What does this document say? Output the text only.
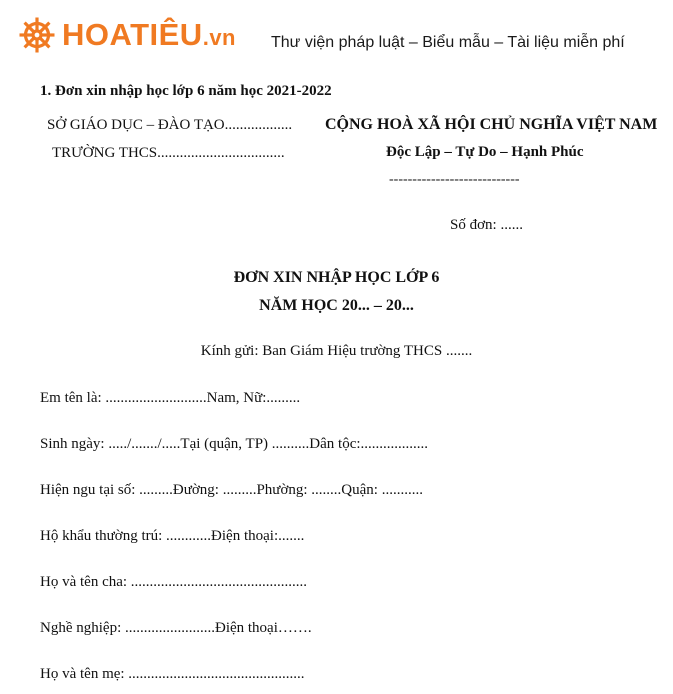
HOATIÊU.vn Thư viện pháp luật – Biểu mẫu – Tài liệu miễn phí
1. Đơn xin nhập học lớp 6 năm học 2021-2022
SỞ GIÁO DỤC – ĐÀO TẠO..................
TRƯỜNG THCS..................................
CỘNG HOÀ XÃ HỘI CHỦ NGHĨA VIỆT NAM
Độc Lập – Tự Do – Hạnh Phúc
----------------------------
Số đơn: ......
ĐƠN XIN NHẬP HỌC LỚP 6
NĂM HỌC 20... – 20...
Kính gửi: Ban Giám Hiệu trường THCS .......
Em tên là: ...........................Nam, Nữ:.........
Sinh ngày: ...../......./.....Tại (quận, TP) ..........Dân tộc:..................
Hiện ngu tại số: .........Đường: .........Phường: ........Quận: ...........
Hộ khẩu thường trú: ............Điện thoại:.......
Họ và tên cha: ...............................................
Nghề nghiệp: ........................Điện thoại…….
Họ và tên mẹ: ...............................................
